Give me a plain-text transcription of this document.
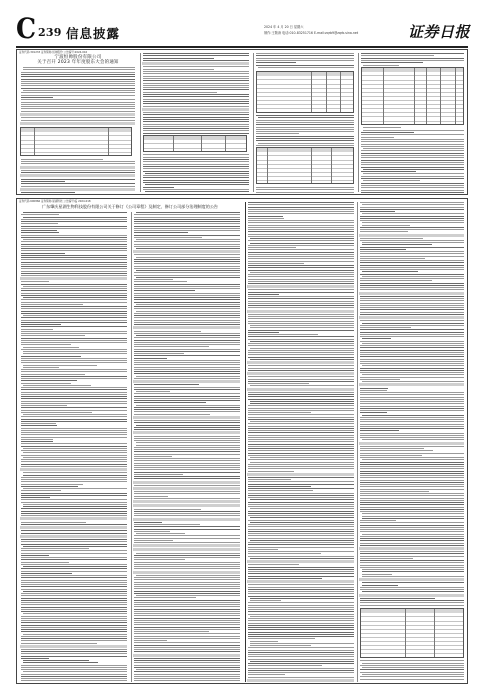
C 239 信息披露	2024 年 4 月 20 日 星期六
制作:王敬涛 电话:010-83251716 E-mail:zqrb9@zqrb.sina.net	证券日报
证券代码:301233 证券简称:恒帅股份 公告编号:2024-016
宁波恒帅股份有限公司
关于召开 2023 年年度股东大会的通知
证券代码:600866 证券简称:星湖科技 公告编号:临 2024-018
广东肇庆星湖生物科技股份有限公司关于修订《公司章程》及制定、修订公司部分治理制度的公告
